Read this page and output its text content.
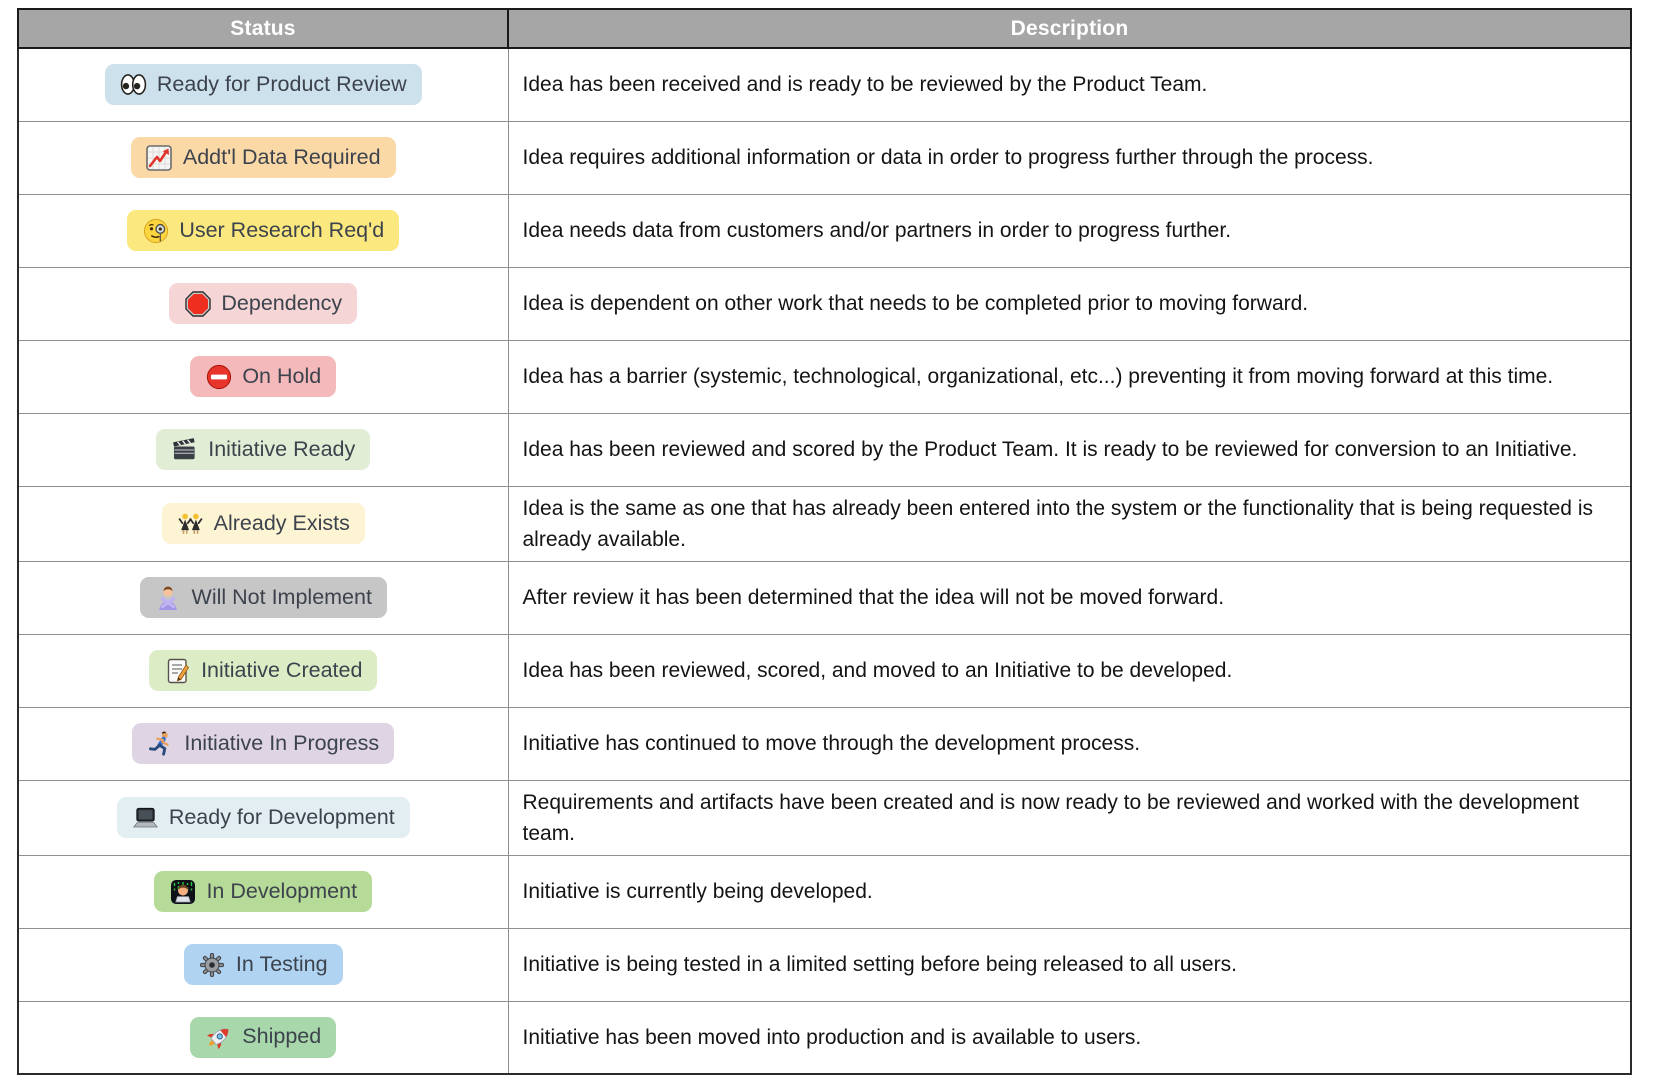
Status	Description

Ready for Product Review	Idea has been received and is ready to be reviewed by the Product Team.

Addt'l Data Required	Idea requires additional information or data in order to progress further through the process.

User Research Req'd	Idea needs data from customers and/or partners in order to progress further.

Dependency	Idea is dependent on other work that needs to be completed prior to moving forward.

On Hold	Idea has a barrier (systemic, technological, organizational, etc...) preventing it from moving forward at this time.

Initiative Ready	Idea has been reviewed and scored by the Product Team. It is ready to be reviewed for conversion to an Initiative.

Already Exists	Idea is the same as one that has already been entered into the system or the functionality that is being requested is already available.

Will Not Implement	After review it has been determined that the idea will not be moved forward.

Initiative Created	Idea has been reviewed, scored, and moved to an Initiative to be developed.

Initiative In Progress	Initiative has continued to move through the development process.

Ready for Development	Requirements and artifacts have been created and is now ready to be reviewed and worked with the development team.

In Development	Initiative is currently being developed.

In Testing	Initiative is being tested in a limited setting before being released to all users.

Shipped	Initiative has been moved into production and is available to users.
